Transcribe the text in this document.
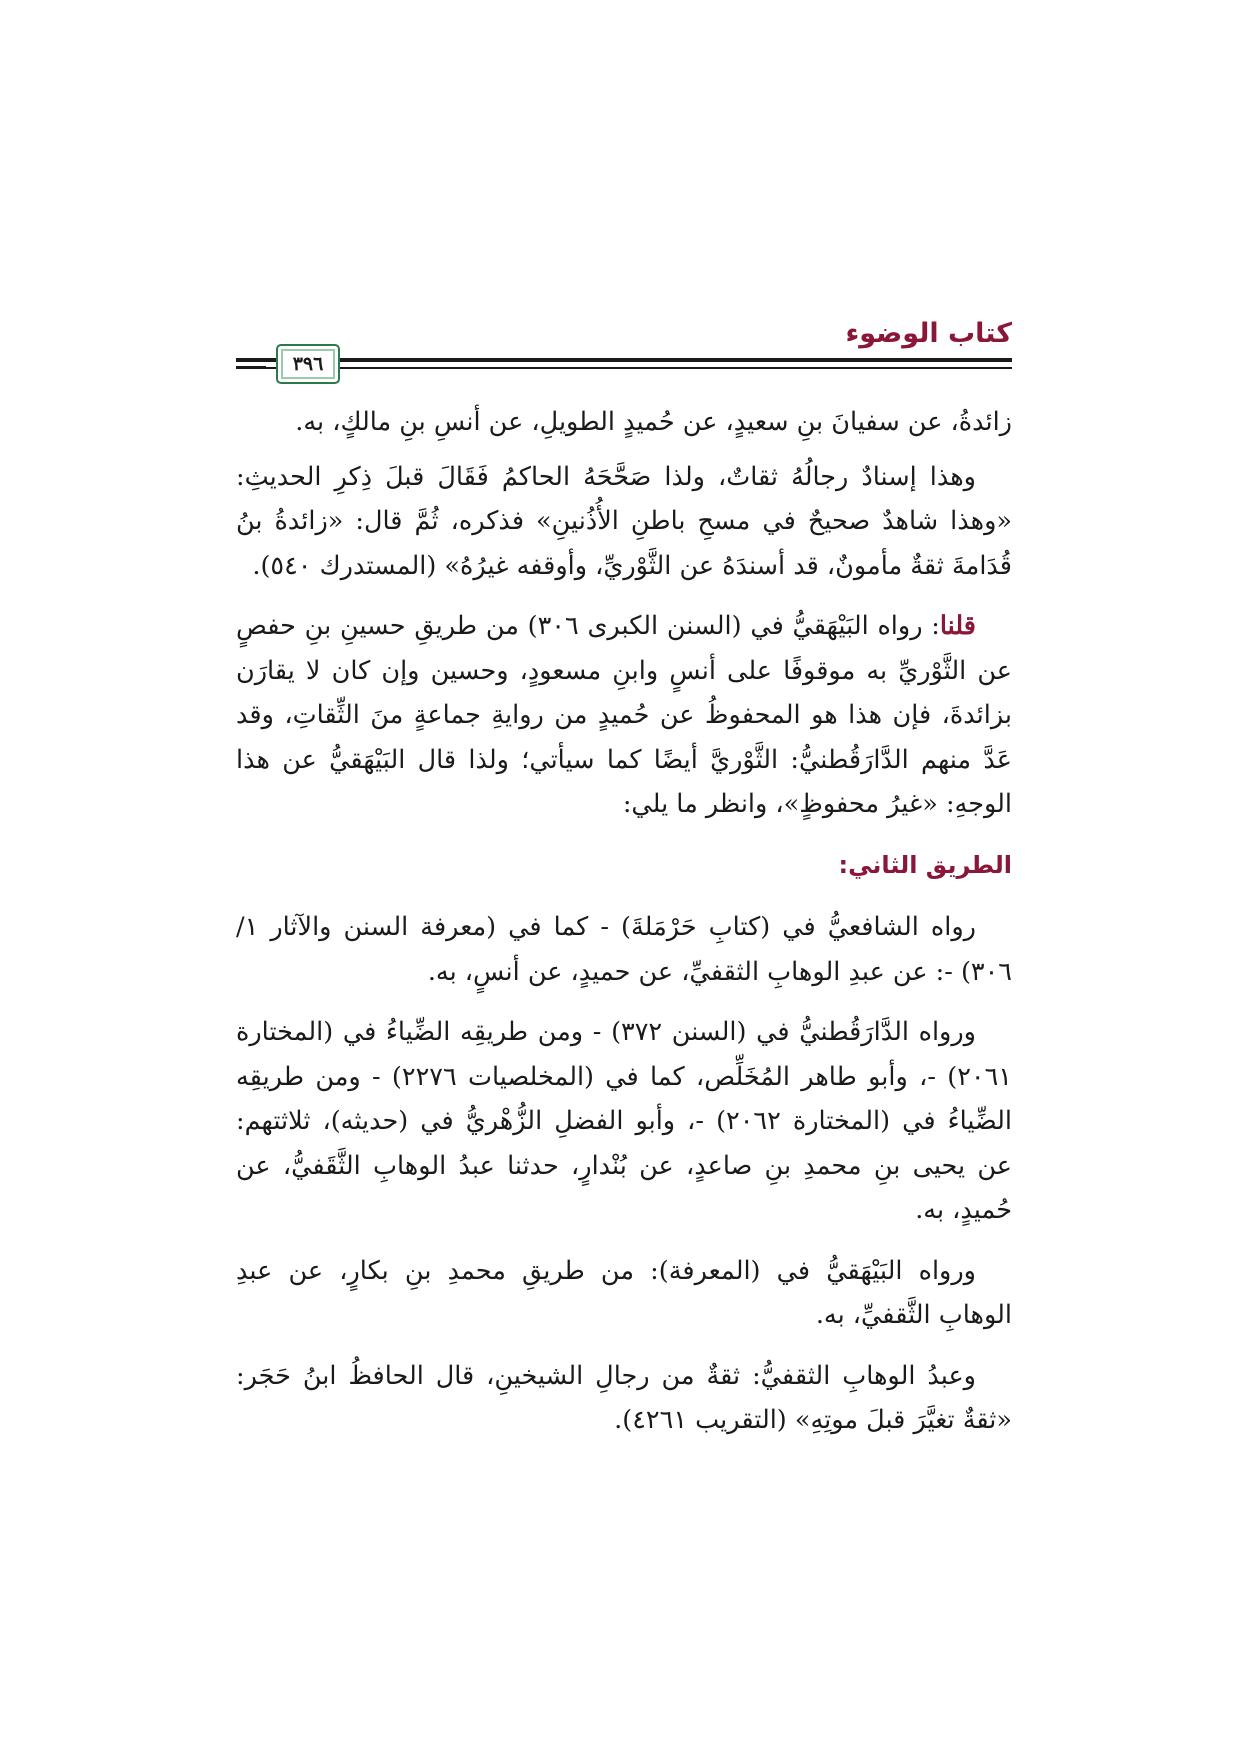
كتاب الوضوء
٣٩٦

زائدةُ، عن سفيانَ بنِ سعيدٍ، عن حُميدٍ الطويلِ، عن أنسِ بنِ مالكٍ، به.

وهذا إسنادٌ رجالُهُ ثقاتٌ، ولذا صَحَّحَهُ الحاكمُ فَقَالَ قبلَ ذِكرِ الحديثِ: «وهذا شاهدٌ صحيحٌ في مسحِ باطنِ الأُذُنينِ» فذكره، ثُمَّ قال: «زائدةُ بنُ قُدَامةَ ثقةٌ مأمونٌ، قد أسندَهُ عن الثَّوْريِّ، وأوقفه غيرُهُ» (المستدرك ٥٤٠).

قلنا: رواه البَيْهَقيُّ في (السنن الكبرى ٣٠٦) من طريقِ حسينِ بنِ حفصٍ عن الثَّوْريِّ به موقوفًا على أنسٍ وابنِ مسعودٍ، وحسين وإن كان لا يقارَن بزائدةَ، فإن هذا هو المحفوظُ عن حُميدٍ من روايةِ جماعةٍ منَ الثِّقاتِ، وقد عَدَّ منهم الدَّارَقُطنيُّ: الثَّوْريَّ أيضًا كما سيأتي؛ ولذا قال البَيْهَقيُّ عن هذا الوجهِ: «غيرُ محفوظٍ»، وانظر ما يلي:

الطريق الثاني:

رواه الشافعيُّ في (كتابِ حَرْمَلةَ) - كما في (معرفة السنن والآثار ١/ ٣٠٦) -: عن عبدِ الوهابِ الثقفيِّ، عن حميدٍ، عن أنسٍ، به.

ورواه الدَّارَقُطنيُّ في (السنن ٣٧٢) - ومن طريقِه الضِّياءُ في (المختارة ٢٠٦١) -، وأبو طاهر المُخَلِّص، كما في (المخلصيات ٢٢٧٦) - ومن طريقِه الضِّياءُ في (المختارة ٢٠٦٢) -، وأبو الفضلِ الزُّهْريُّ في (حديثه)، ثلاثتهم: عن يحيى بنِ محمدِ بنِ صاعدٍ، عن بُنْدارٍ، حدثنا عبدُ الوهابِ الثَّقَفيُّ، عن حُميدٍ، به.

ورواه البَيْهَقيُّ في (المعرفة): من طريقِ محمدِ بنِ بكارٍ، عن عبدِ الوهابِ الثَّقفيِّ، به.

وعبدُ الوهابِ الثقفيُّ: ثقةٌ من رجالِ الشيخينِ، قال الحافظُ ابنُ حَجَر: «ثقةٌ تغيَّرَ قبلَ موتِهِ» (التقريب ٤٢٦١).
